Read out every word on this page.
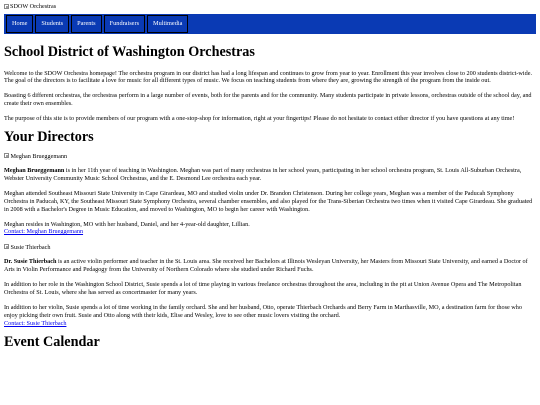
SDOW Orchestras
Home	Students	Parents	Fundraisers	Multimedia
School District of Washington Orchestras

Welcome to the SDOW Orchestra homepage! The orchestra program in our district has had a long lifespan and continues to grow from year to year. Enrollment this year involves close to 200 students district-wide. The goal of the directors is to facilitate a love for music for all different types of music. We focus on teaching students from where they are, growing the strength of the program from the inside out.

Boasting 6 different orchestras, the orchestras perform in a large number of events, both for the parents and for the community. Many students participate in private lessons, orchestras outside of the school day, and create their own ensembles.

The purpose of this site is to provide members of our program with a one-stop-shop for information, right at your fingertips! Please do not hesitate to contact either director if you have questions at any time!

Your Directors
Meghan Brueggemann

Meghan Brueggemann is in her 11th year of teaching in Washington. Meghan was part of many orchestras in her school years, participating in her school orchestra program, St. Louis All-Suburban Orchestra, Webster University Community Music School Orchestras, and the E. Desmond Lee orchestra each year.

Meghan attended Southeast Missouri State University in Cape Girardeau, MO and studied violin under Dr. Brandon Christenson. During her college years, Meghan was a member of the Paducah Symphony Orchestra in Paducah, KY, the Southeast Missouri State Symphony Orchestra, several chamber ensembles, and also played for the Trans-Siberian Orchestra two times when it visited Cape Girardeau. She graduated in 2008 with a Bachelor's Degree in Music Education, and moved to Washington, MO to begin her career with Washington.

Meghan resides in Washington, MO with her husband, Daniel, and her 4-year-old daughter, Lillian.
Contact: Meghan Brueggemann

Susie Thierbach

Dr. Susie Thierbach is an active violin performer and teacher in the St. Louis area. She received her Bachelors at Illinois Wesleyan University, her Masters from Missouri State University, and earned a Doctor of Arts in Violin Performance and Pedagogy from the University of Northern Colorado where she studied under Richard Fuchs.

In addition to her role in the Washington School District, Susie spends a lot of time playing in various freelance orchestras throughout the area, including in the pit at Union Avenue Opera and The Metropolitan Orchestra of St. Louis, where she has served as concertmaster for many years.

In addition to her violin, Susie spends a lot of time working in the family orchard. She and her husband, Otto, operate Thierbach Orchards and Berry Farm in Marthasville, MO, a destination farm for those who enjoy picking their own fruit. Susie and Otto along with their kids, Elise and Wesley, love to see other music lovers visiting the orchard.
Contact: Susie Thierbach

Event Calendar
